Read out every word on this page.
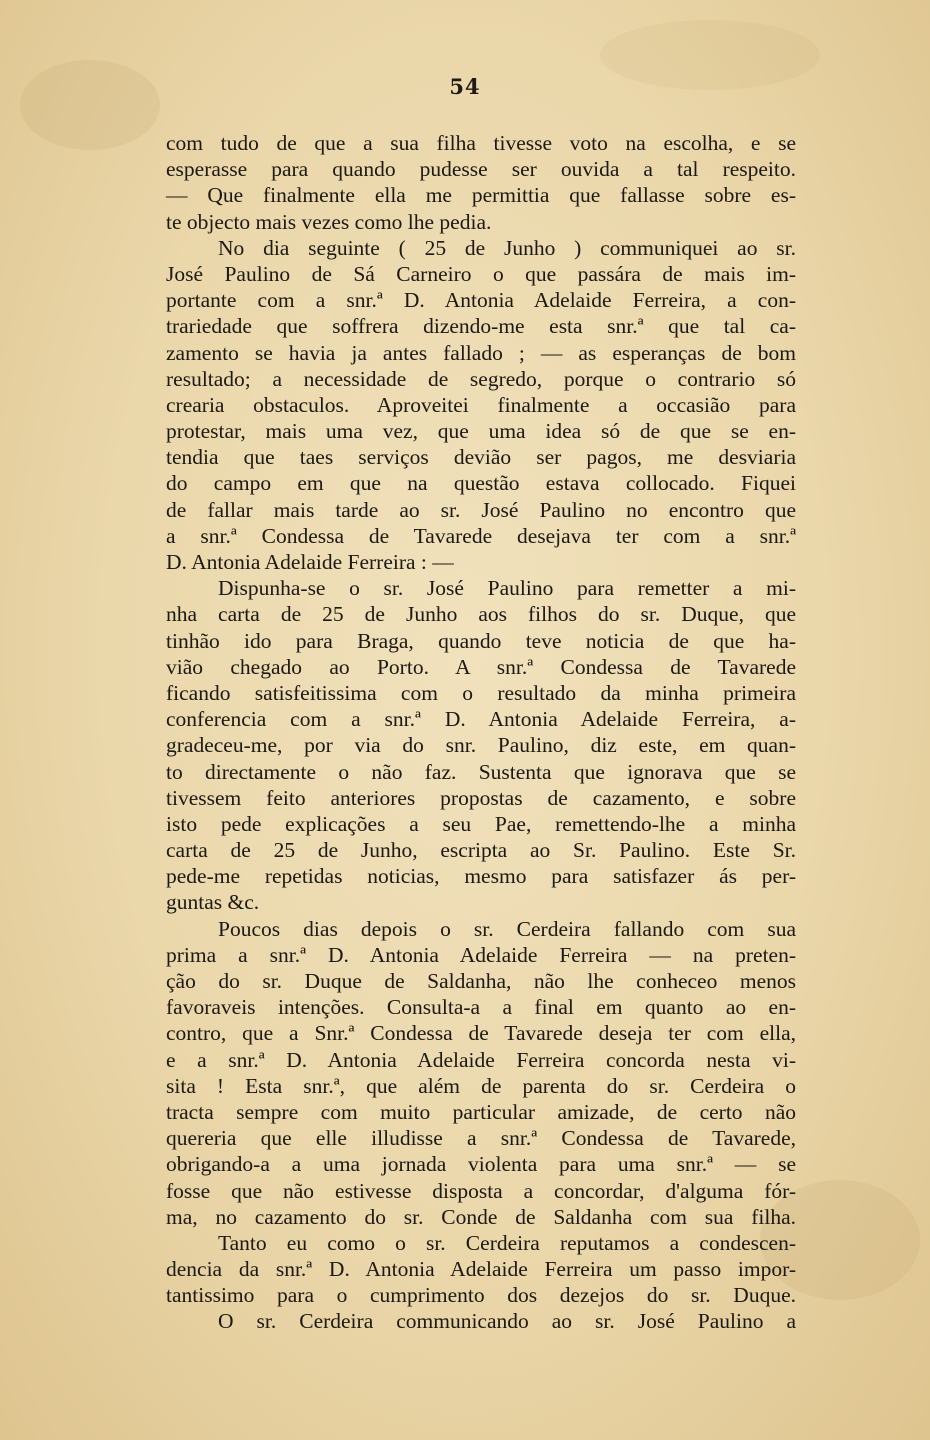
54
com tudo de que a sua filha tivesse voto na escolha, e se
esperasse para quando pudesse ser ouvida a tal respeito.
— Que finalmente ella me permittia que fallasse sobre es-
te objecto mais vezes como lhe pedia.
No dia seguinte ( 25 de Junho ) communiquei ao sr.
José Paulino de Sá Carneiro o que passára de mais im-
portante com a snr.ª D. Antonia Adelaide Ferreira, a con-
trariedade que soffrera dizendo-me esta snr.ª que tal ca-
zamento se havia ja antes fallado ; — as esperanças de bom
resultado; a necessidade de segredo, porque o contrario só
crearia obstaculos. Aproveitei finalmente a occasião para
protestar, mais uma vez, que uma idea só de que se en-
tendia que taes serviços devião ser pagos, me desviaria
do campo em que na questão estava collocado. Fiquei
de fallar mais tarde ao sr. José Paulino no encontro que
a snr.ª Condessa de Tavarede desejava ter com a snr.ª
D. Antonia Adelaide Ferreira : —
Dispunha-se o sr. José Paulino para remetter a mi-
nha carta de 25 de Junho aos filhos do sr. Duque, que
tinhão ido para Braga, quando teve noticia de que ha-
vião chegado ao Porto. A snr.ª Condessa de Tavarede
ficando satisfeitissima com o resultado da minha primeira
conferencia com a snr.ª D. Antonia Adelaide Ferreira, a-
gradeceu-me, por via do snr. Paulino, diz este, em quan-
to directamente o não faz. Sustenta que ignorava que se
tivessem feito anteriores propostas de cazamento, e sobre
isto pede explicações a seu Pae, remettendo-lhe a minha
carta de 25 de Junho, escripta ao Sr. Paulino. Este Sr.
pede-me repetidas noticias, mesmo para satisfazer ás per-
guntas &c.
Poucos dias depois o sr. Cerdeira fallando com sua
prima a snr.ª D. Antonia Adelaide Ferreira — na preten-
ção do sr. Duque de Saldanha, não lhe conheceo menos
favoraveis intenções. Consulta-a a final em quanto ao en-
contro, que a Snr.ª Condessa de Tavarede deseja ter com ella,
e a snr.ª D. Antonia Adelaide Ferreira concorda nesta vi-
sita ! Esta snr.ª, que além de parenta do sr. Cerdeira o
tracta sempre com muito particular amizade, de certo não
quereria que elle illudisse a snr.ª Condessa de Tavarede,
obrigando-a a uma jornada violenta para uma snr.ª — se
fosse que não estivesse disposta a concordar, d'alguma fór-
ma, no cazamento do sr. Conde de Saldanha com sua filha.
Tanto eu como o sr. Cerdeira reputamos a condescen-
dencia da snr.ª D. Antonia Adelaide Ferreira um passo impor-
tantissimo para o cumprimento dos dezejos do sr. Duque.
O sr. Cerdeira communicando ao sr. José Paulino a
